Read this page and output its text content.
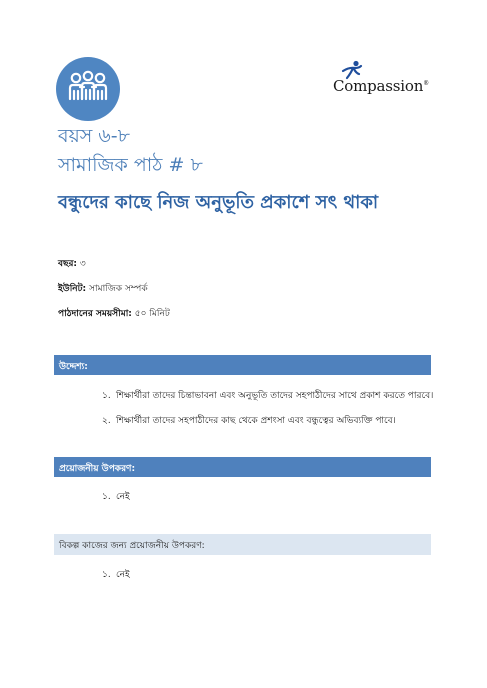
Compassion®
বয়স ৬-৮
সামাজিক পাঠ # ৮
বন্ধুদের কাছে নিজ অনুভূতি প্রকাশে সৎ থাকা
বছর: ৩
ইউনিট: সামাজিক সম্পর্ক
পাঠদানের সময়সীমা: ৫০ মিনিট
উদ্দেশ্য:
১. শিক্ষার্থীরা তাদের চিন্তাভাবনা এবং অনুভূতি তাদের সহপাঠীদের সাথে প্রকাশ করতে পারবে।
২. শিক্ষার্থীরা তাদের সহপাঠীদের কাছ থেকে প্রশংসা এবং বন্ধুত্বের অভিব্যক্তি পাবে।
প্রয়োজনীয় উপকরণ:
১. নেই
বিকল্প কাজের জন্য প্রয়োজনীয় উপকরণ:
১. নেই
